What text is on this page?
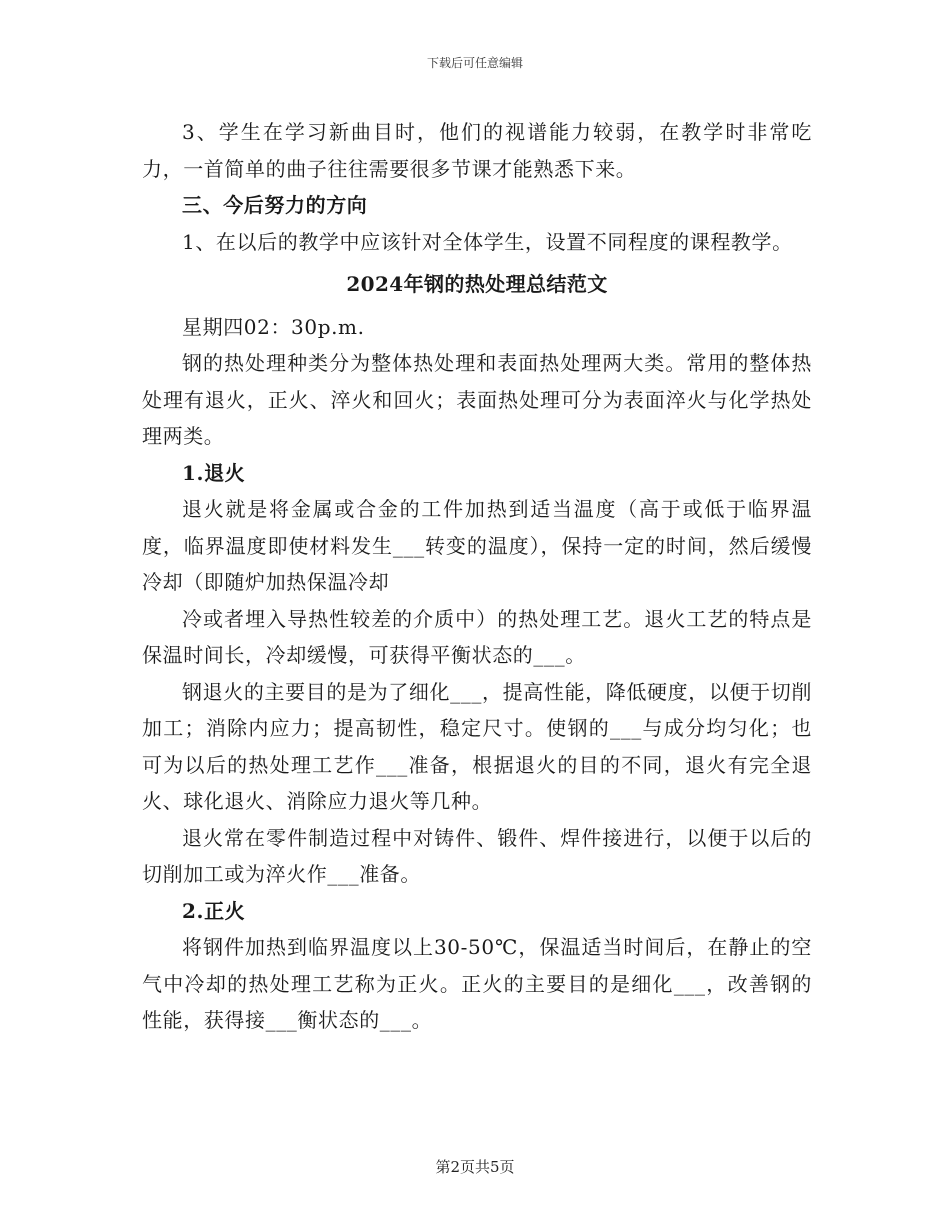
下载后可任意编辑

3、学生在学习新曲目时，他们的视谱能力较弱，在教学时非常吃力，一首简单的曲子往往需要很多节课才能熟悉下来。

三、今后努力的方向

1、在以后的教学中应该针对全体学生，设置不同程度的课程教学。

2024年钢的热处理总结范文

星期四02：30p.m.

钢的热处理种类分为整体热处理和表面热处理两大类。常用的整体热处理有退火，正火、淬火和回火；表面热处理可分为表面淬火与化学热处理两类。

1.退火

退火就是将金属或合金的工件加热到适当温度（高于或低于临界温度，临界温度即使材料发生___转变的温度），保持一定的时间，然后缓慢冷却（即随炉加热保温冷却

冷或者埋入导热性较差的介质中）的热处理工艺。退火工艺的特点是保温时间长，冷却缓慢，可获得平衡状态的___。

钢退火的主要目的是为了细化___，提高性能，降低硬度，以便于切削加工；消除内应力；提高韧性，稳定尺寸。使钢的___与成分均匀化；也可为以后的热处理工艺作___准备，根据退火的目的不同，退火有完全退火、球化退火、消除应力退火等几种。

退火常在零件制造过程中对铸件、锻件、焊件接进行，以便于以后的切削加工或为淬火作___准备。

2.正火

将钢件加热到临界温度以上30-50℃，保温适当时间后，在静止的空气中冷却的热处理工艺称为正火。正火的主要目的是细化___，改善钢的性能，获得接___衡状态的___。

第2页共5页
